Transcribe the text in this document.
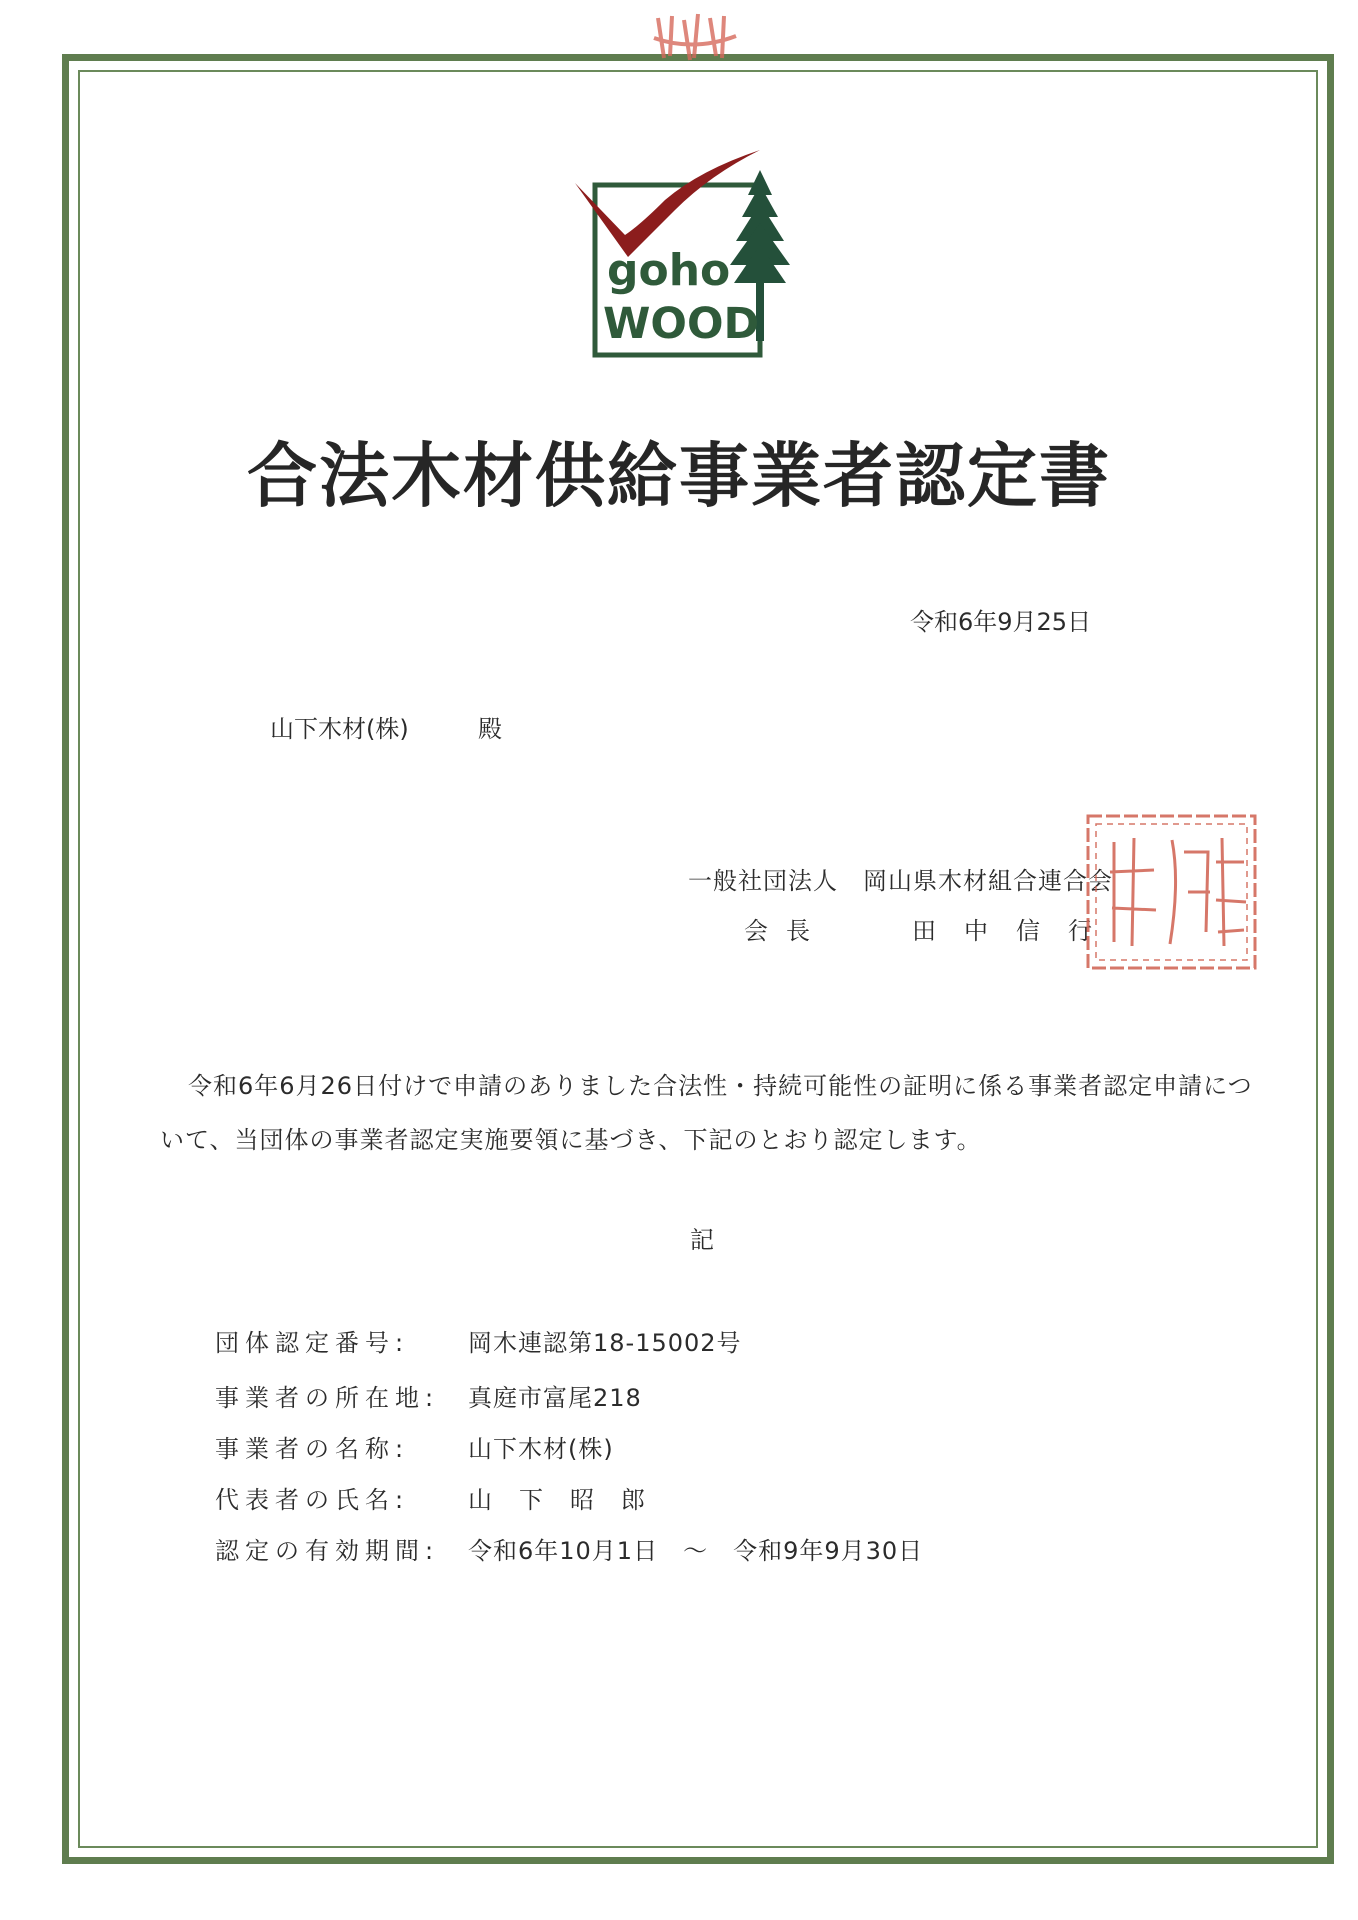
goho
WOOD
合法木材供給事業者認定書
令和6年9月25日
山下木材(株)	殿
一般社団法人　岡山県木材組合連合会
会長	田中信行
令和6年6月26日付けで申請のありました合法性・持続可能性の証明に係る事業者認定申請について、当団体の事業者認定実施要領に基づき、下記のとおり認定します。
記
団体認定番号:	岡木連認第18-15002号
事業者の所在地: 真庭市富尾218
事業者の名称:	山下木材(株)
代表者の氏名:	山下昭郎
認定の有効期間: 令和6年10月1日　～　令和9年9月30日
